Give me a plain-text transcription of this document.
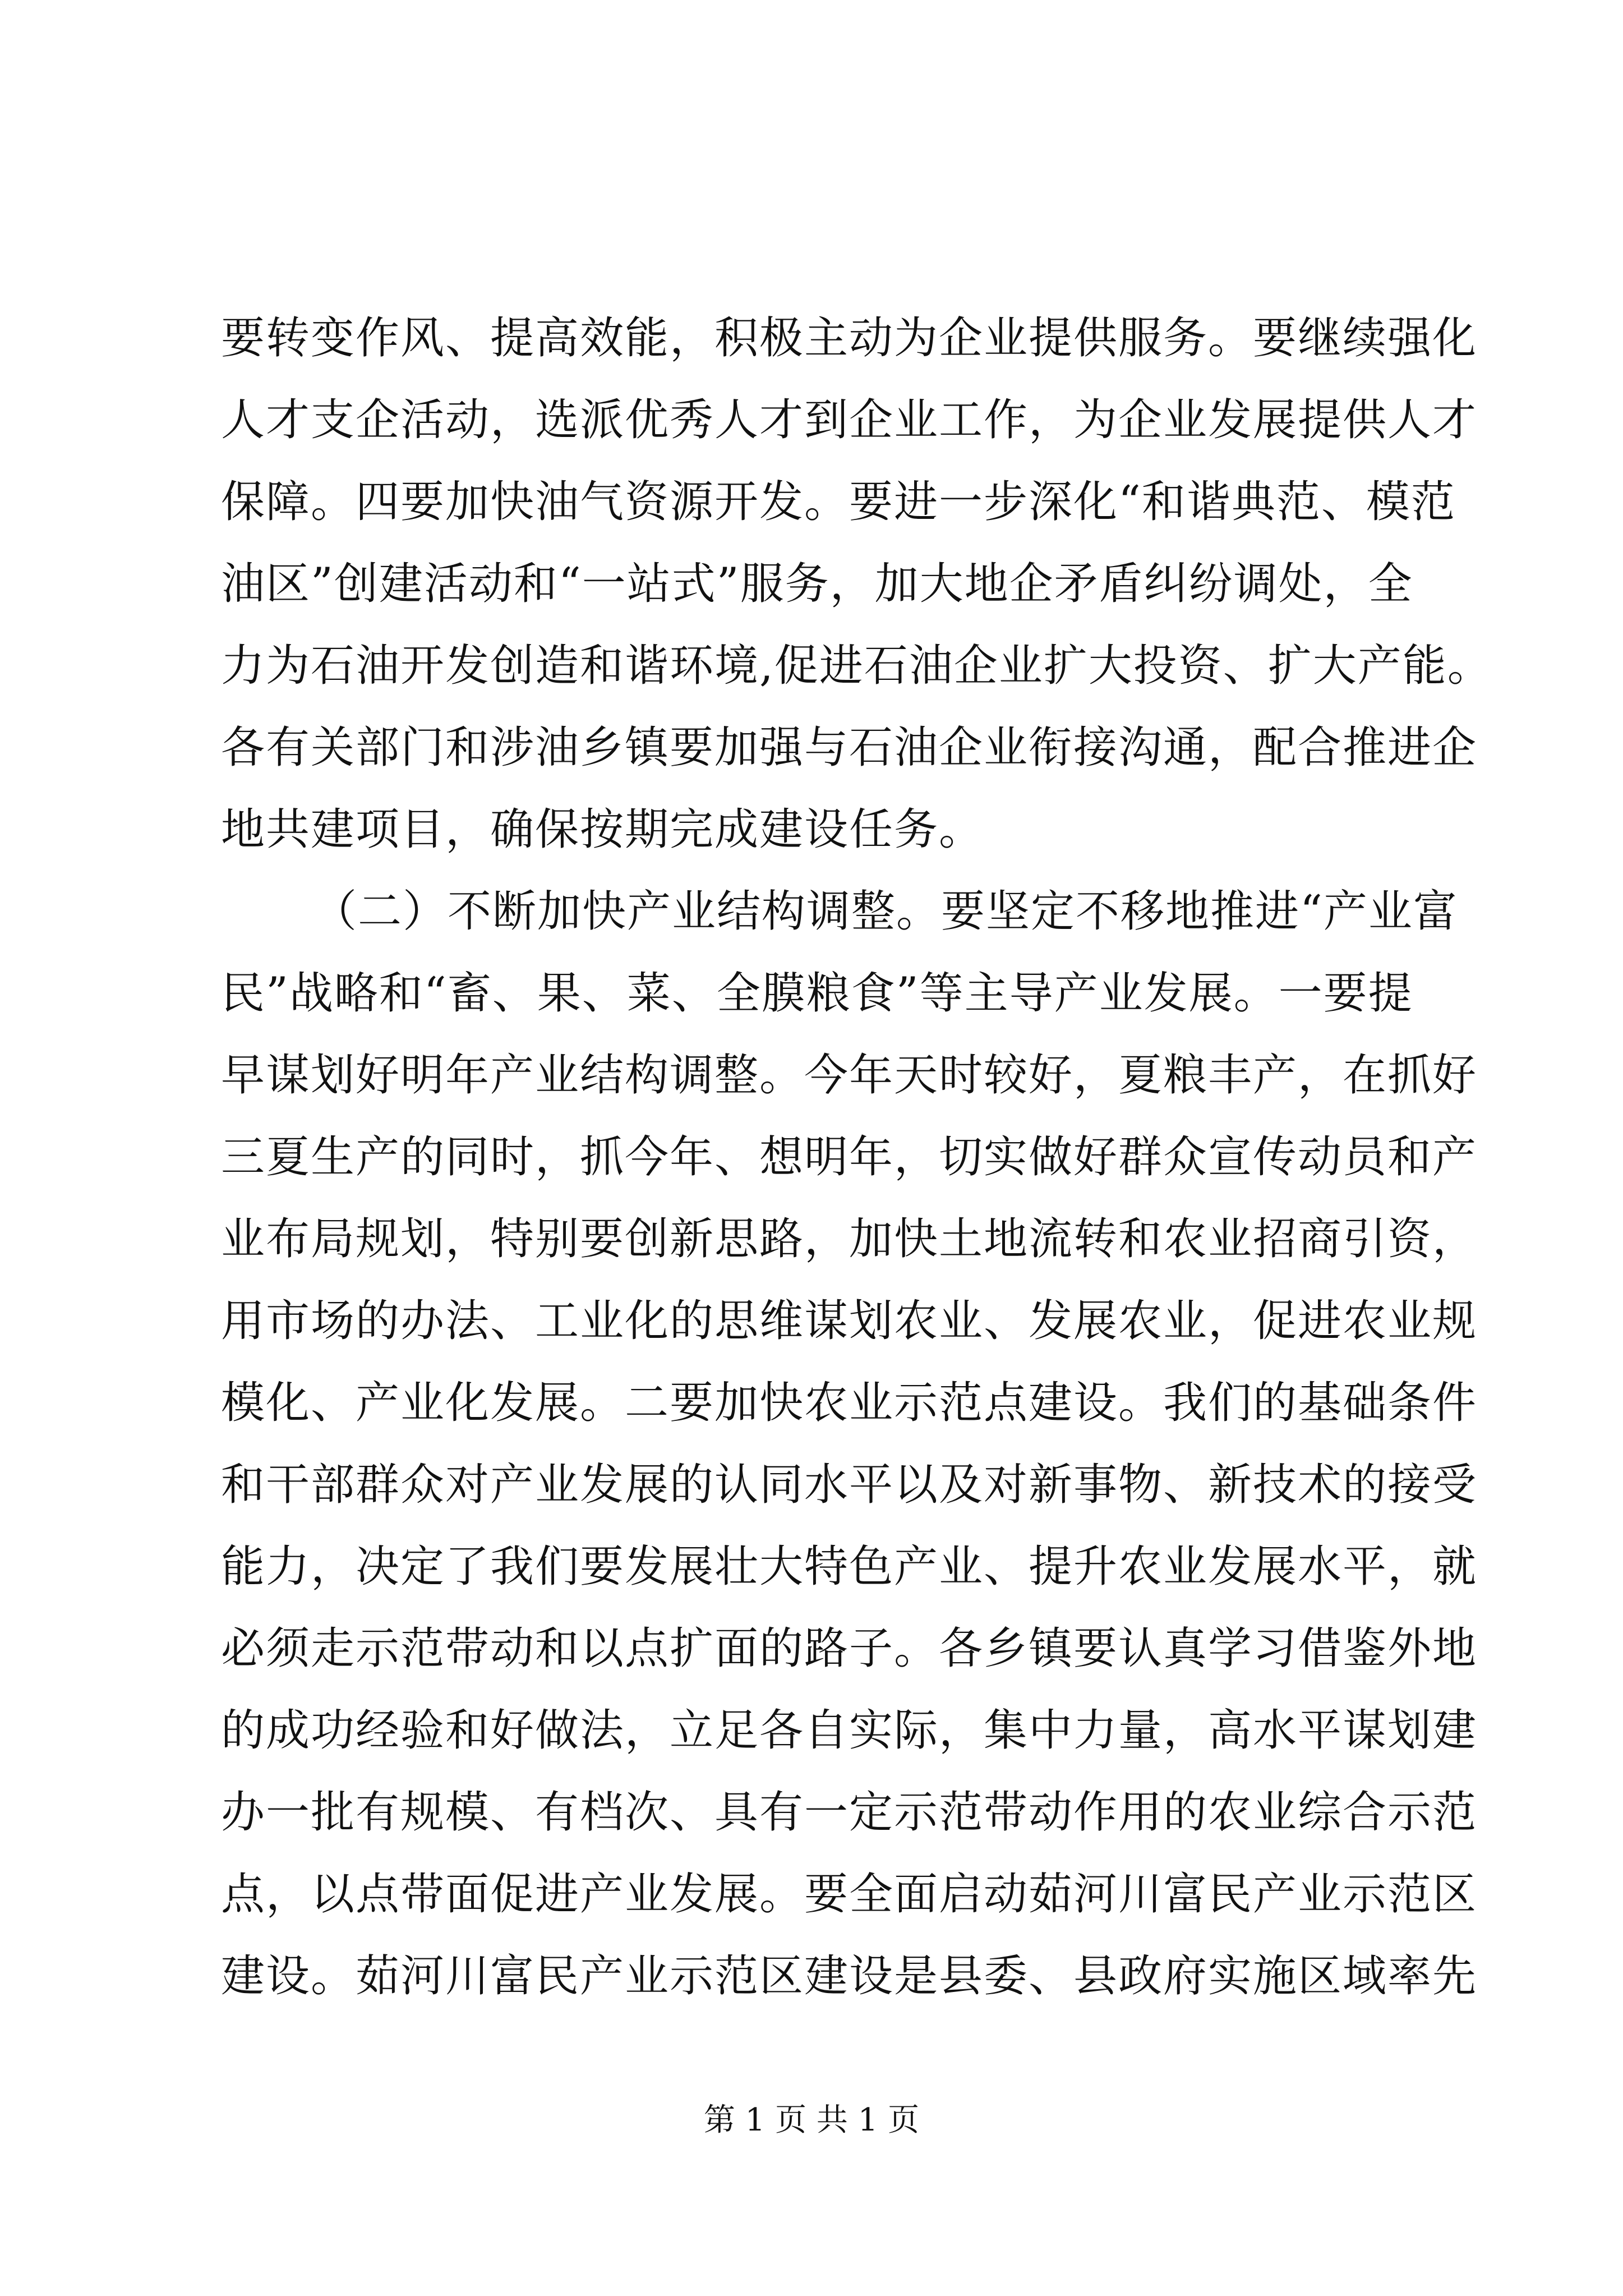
要转变作风、提高效能，积极主动为企业提供服务。要继续强化
人才支企活动，选派优秀人才到企业工作，为企业发展提供人才
保障。四要加快油气资源开发。要进一步深化“和谐典范、模范
油区”创建活动和“一站式”服务，加大地企矛盾纠纷调处，全
力为石油开发创造和谐环境,促进石油企业扩大投资、扩大产能。
各有关部门和涉油乡镇要加强与石油企业衔接沟通，配合推进企
地共建项目，确保按期完成建设任务。
（二）不断加快产业结构调整。要坚定不移地推进“产业富
民”战略和“畜、果、菜、全膜粮食”等主导产业发展。一要提
早谋划好明年产业结构调整。今年天时较好，夏粮丰产，在抓好
三夏生产的同时，抓今年、想明年，切实做好群众宣传动员和产
业布局规划，特别要创新思路，加快土地流转和农业招商引资，
用市场的办法、工业化的思维谋划农业、发展农业，促进农业规
模化、产业化发展。二要加快农业示范点建设。我们的基础条件
和干部群众对产业发展的认同水平以及对新事物、新技术的接受
能力，决定了我们要发展壮大特色产业、提升农业发展水平，就
必须走示范带动和以点扩面的路子。各乡镇要认真学习借鉴外地
的成功经验和好做法，立足各自实际，集中力量，高水平谋划建
办一批有规模、有档次、具有一定示范带动作用的农业综合示范
点，以点带面促进产业发展。要全面启动茹河川富民产业示范区
建设。茹河川富民产业示范区建设是县委、县政府实施区域率先
第 1 页 共 1 页
